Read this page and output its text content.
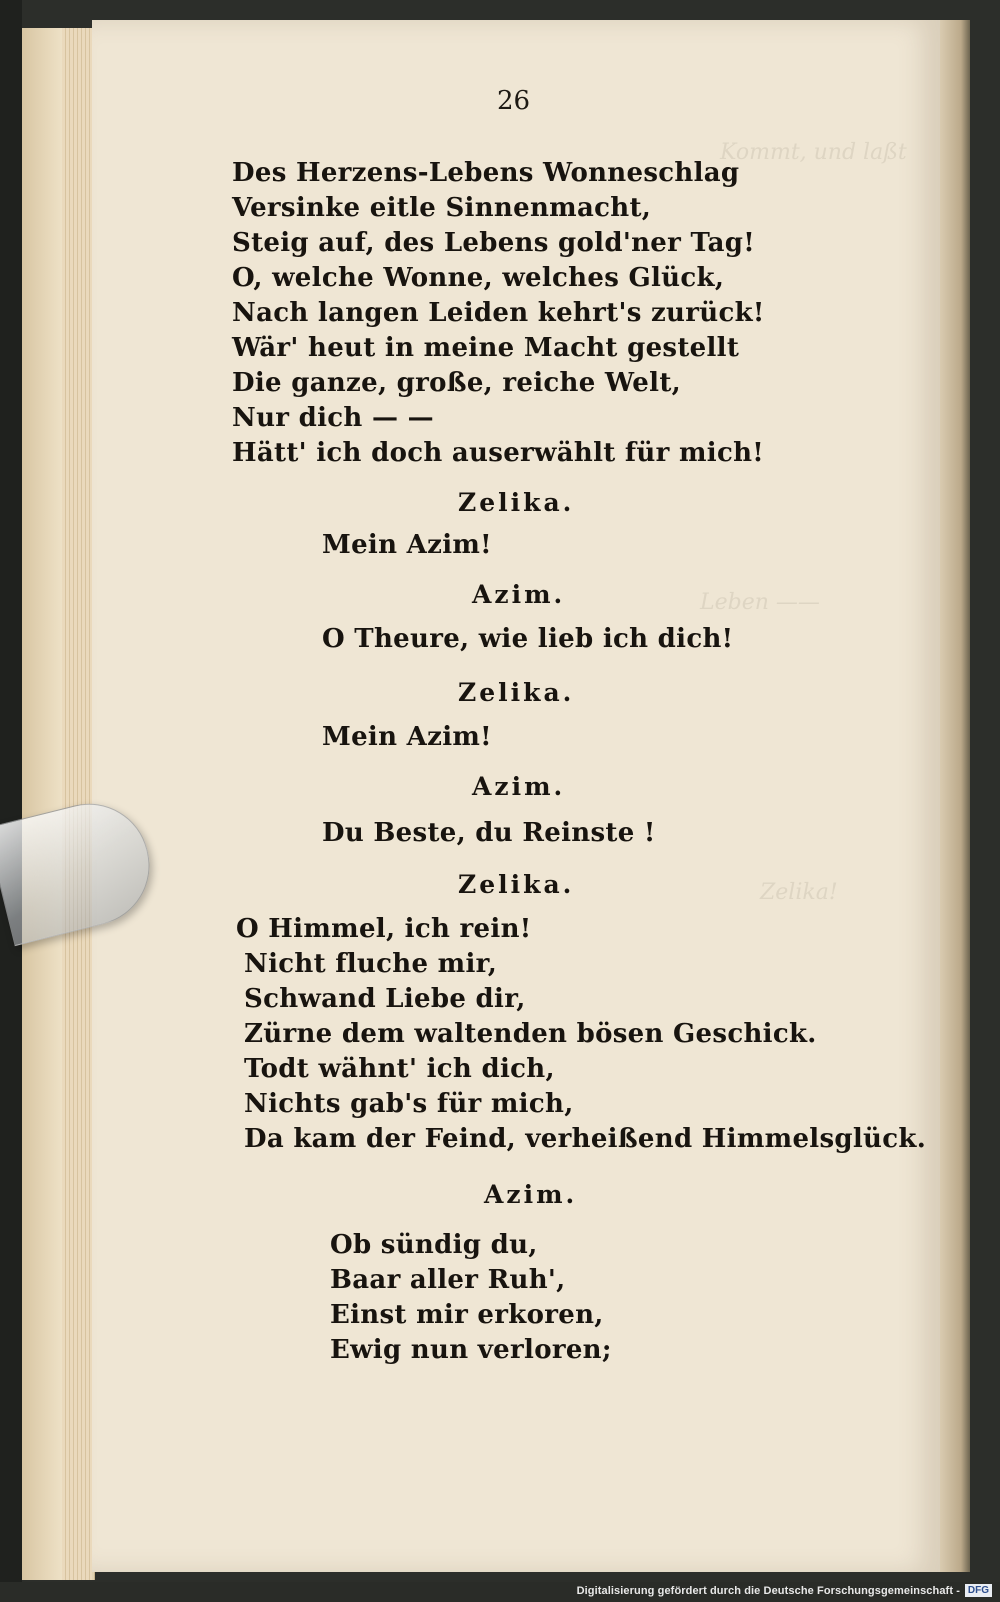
Kommt, und laßt
Leben ——
Zelika!
26
Des Herzens-Lebens Wonneschlag
Versinke eitle Sinnenmacht,
Steig auf, des Lebens gold'ner Tag!
O, welche Wonne, welches Glück,
Nach langen Leiden kehrt's zurück!
Wär' heut in meine Macht gestellt
Die ganze, große, reiche Welt,
Nur dich — —
Hätt' ich doch auserwählt für mich!
Zelika.
Mein Azim!
Azim.
O Theure, wie lieb ich dich!
Zelika.
Mein Azim!
Azim.
Du Beste, du Reinste !
Zelika.
O Himmel, ich rein!
Nicht fluche mir,
Schwand Liebe dir,
Zürne dem waltenden bösen Geschick.
Todt wähnt' ich dich,
Nichts gab's für mich,
Da kam der Feind, verheißend Himmelsglück.
Azim.
Ob sündig du,
Baar aller Ruh',
Einst mir erkoren,
Ewig nun verloren;
Digitalisierung gefördert durch die Deutsche Forschungsgemeinschaft - DFG
